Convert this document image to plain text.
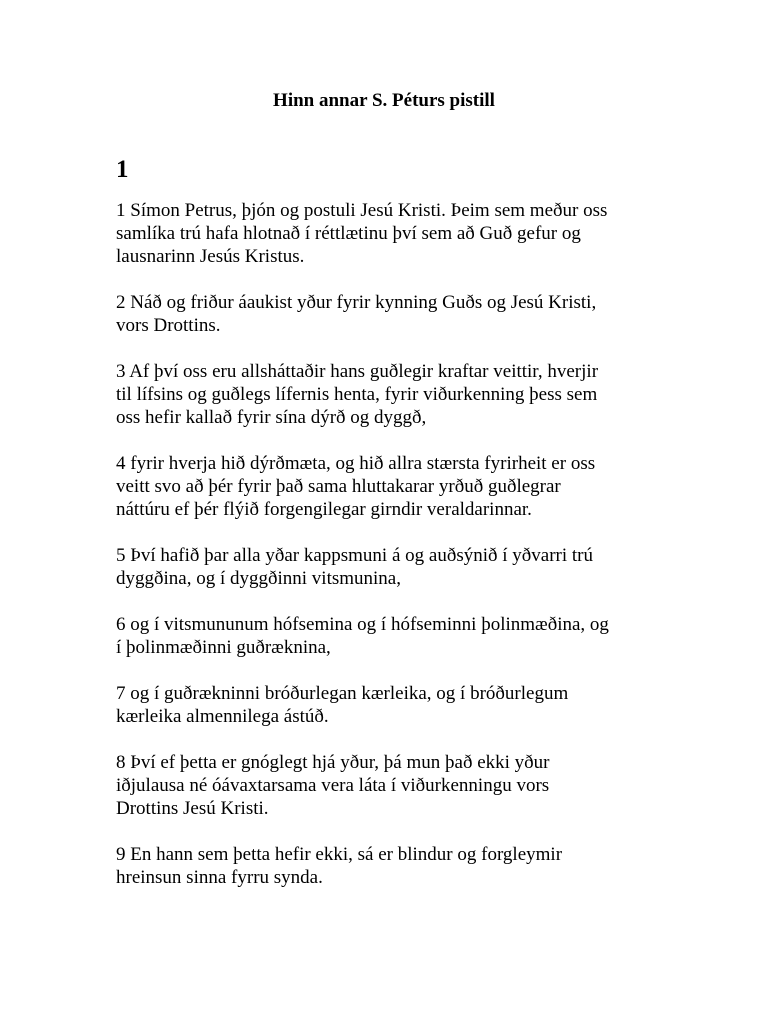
Hinn annar S. Péturs pistill
1
1 Símon Petrus, þjón og postuli Jesú Kristi. Þeim sem meður oss
samlíka trú hafa hlotnað í réttlætinu því sem að Guð gefur og
lausnarinn Jesús Kristus.
2 Náð og friður áaukist yður fyrir kynning Guðs og Jesú Kristi,
vors Drottins.
3 Af því oss eru allsháttaðir hans guðlegir kraftar veittir, hverjir
til lífsins og guðlegs lífernis henta, fyrir viðurkenning þess sem
oss hefir kallað fyrir sína dýrð og dyggð,
4 fyrir hverja hið dýrðmæta, og hið allra stærsta fyrirheit er oss
veitt svo að þér fyrir það sama hluttakarar yrðuð guðlegrar
náttúru ef þér flýið forgengilegar girndir veraldarinnar.
5 Því hafið þar alla yðar kappsmuni á og auðsýnið í yðvarri trú
dyggðina, og í dyggðinni vitsmunina,
6 og í vitsmununum hófsemina og í hófseminni þolinmæðina, og
í þolinmæðinni guðræknina,
7 og í guðrækninni bróðurlegan kærleika, og í bróðurlegum
kærleika almennilega ástúð.
8 Því ef þetta er gnóglegt hjá yður, þá mun það ekki yður
iðjulausa né óávaxtarsama vera láta í viðurkenningu vors
Drottins Jesú Kristi.
9 En hann sem þetta hefir ekki, sá er blindur og forgleymir
hreinsun sinna fyrru synda.
